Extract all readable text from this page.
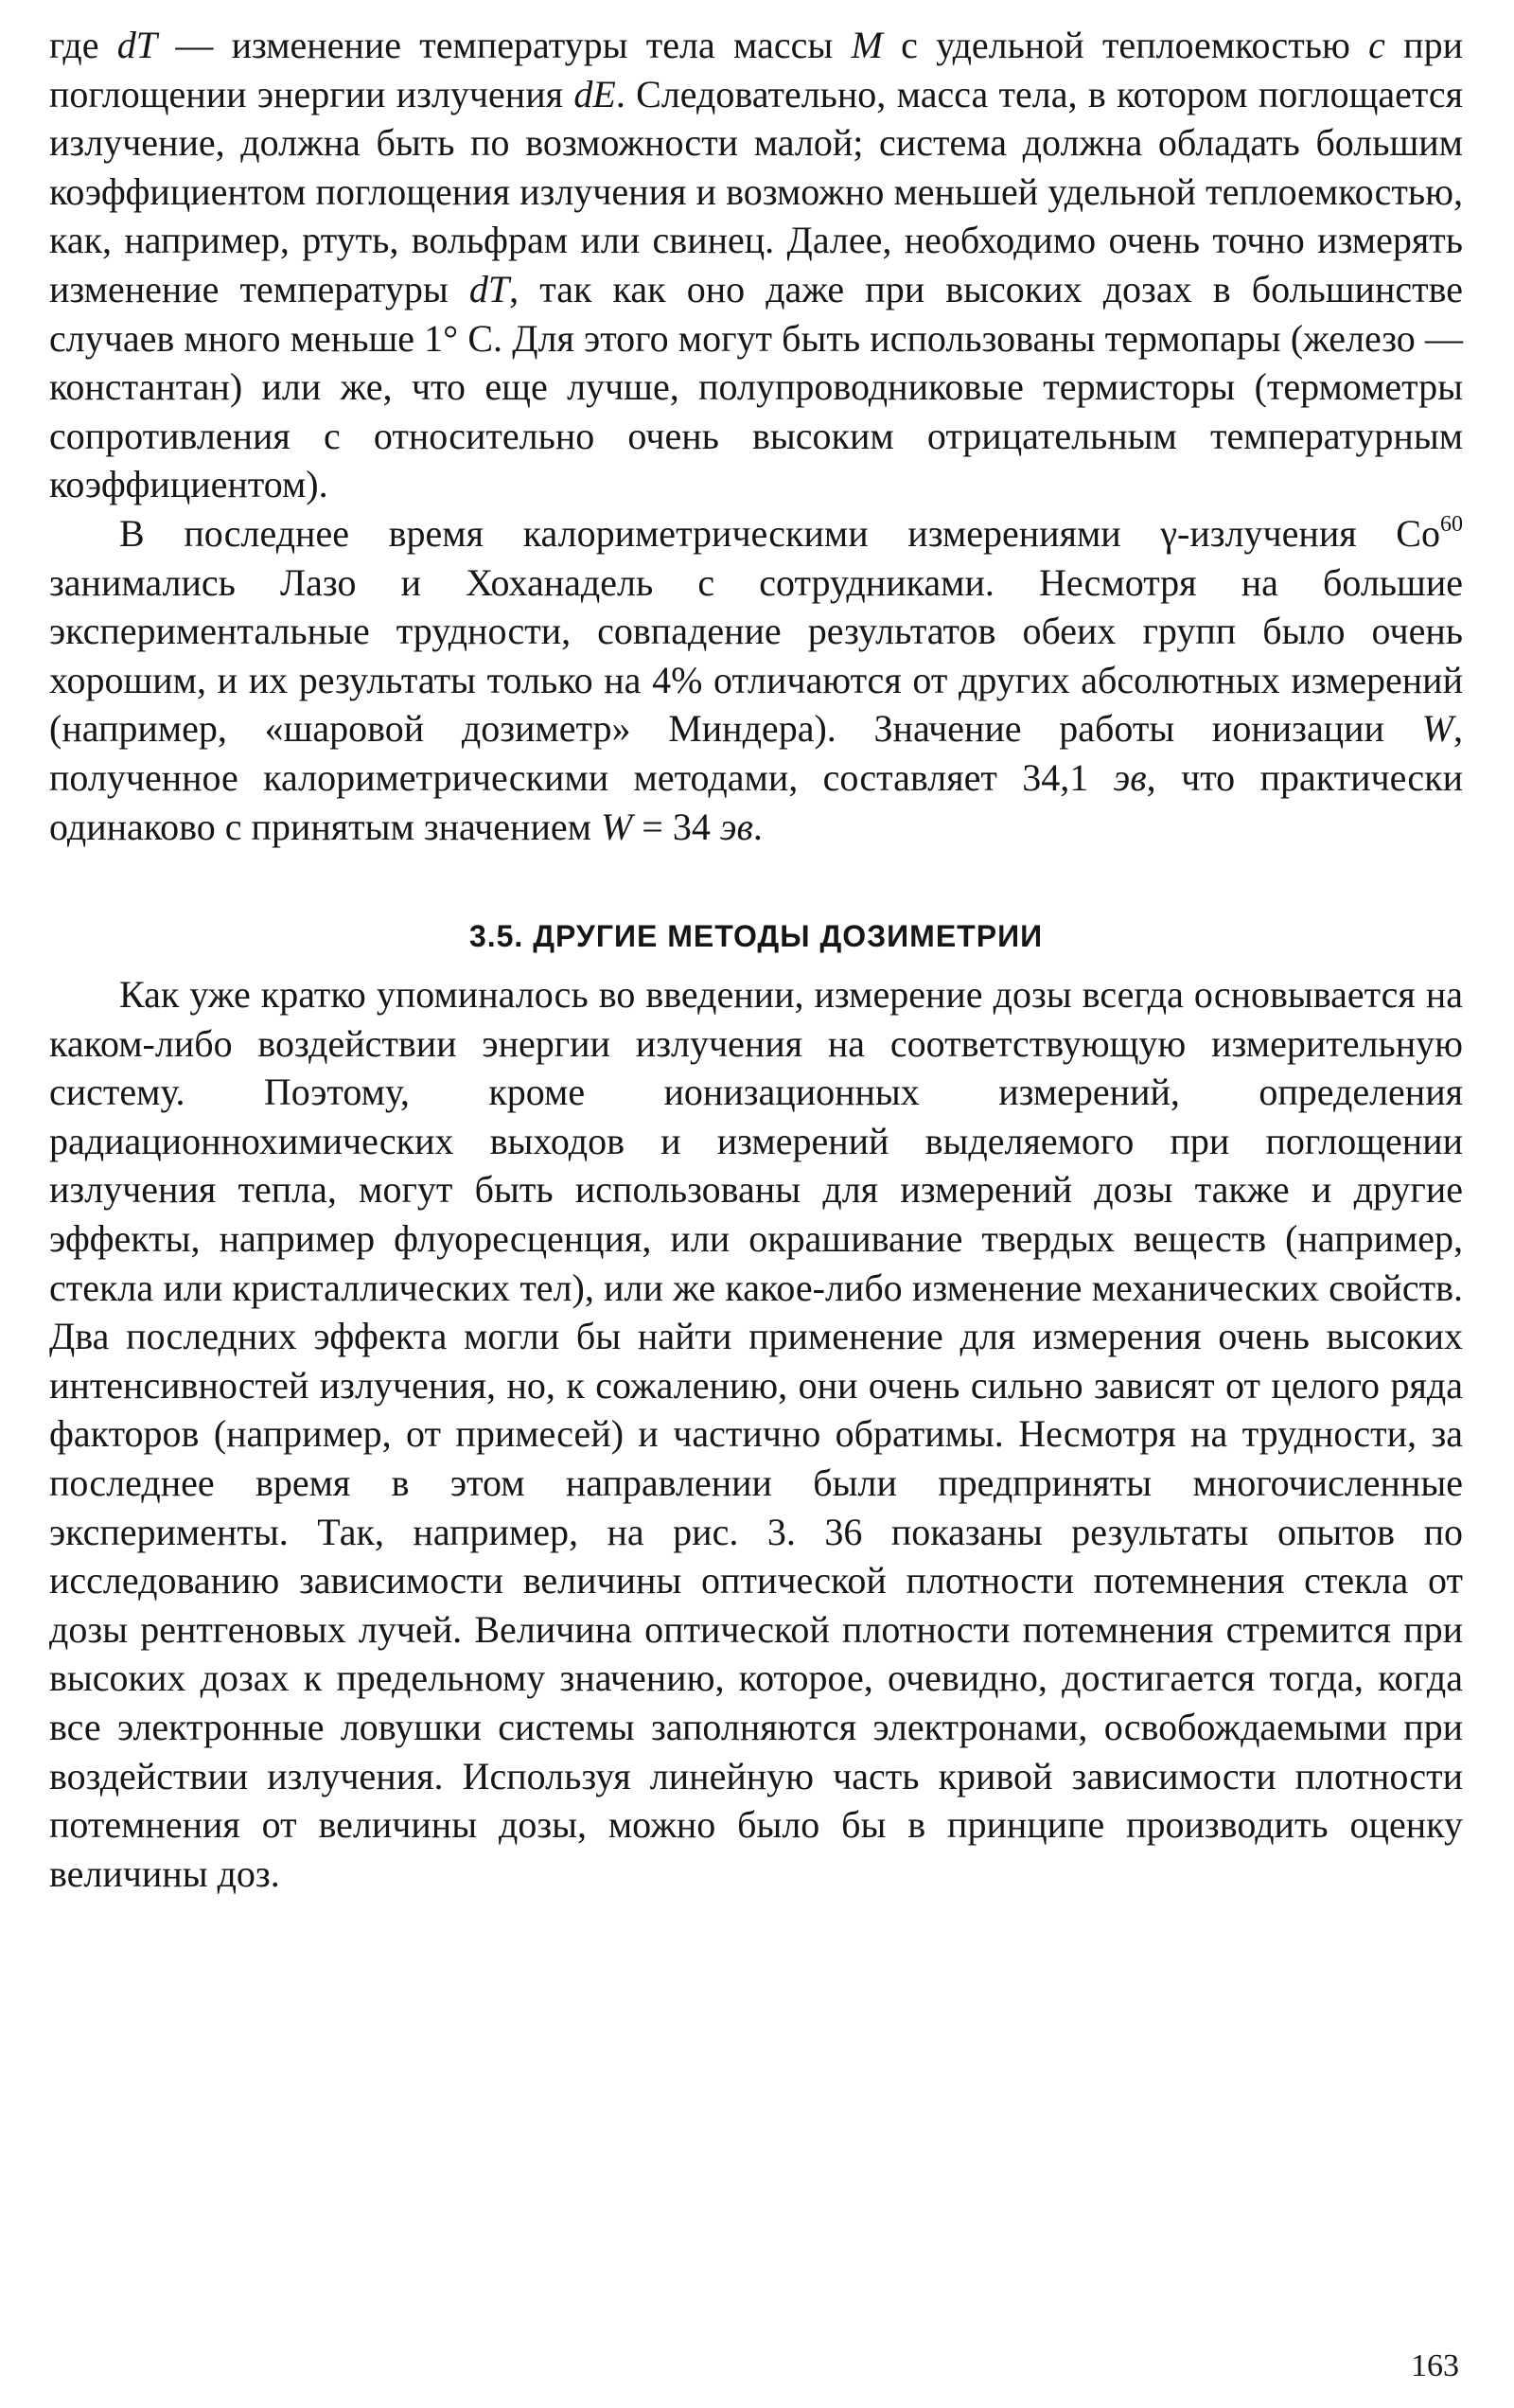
где dT — изменение температуры тела массы M с удельной теплоемкостью c при поглощении энергии излучения dE. Следовательно, масса тела, в котором поглощается излучение, должна быть по возможности малой; система должна обладать большим коэффициентом поглощения излучения и возможно меньшей удельной теплоемкостью, как, например, ртуть, вольфрам или свинец. Далее, необходимо очень точно измерять изменение температуры dT, так как оно даже при высоких дозах в большинстве случаев много меньше 1° С. Для этого могут быть использованы термопары (железо — константан) или же, что еще лучше, полупроводниковые термисторы (термометры сопротивления с относительно очень высоким отрицательным температурным коэффициентом).

В последнее время калориметрическими измерениями γ-излучения Co$^{60}$ занимались Лазо и Хоханадель с сотрудниками. Несмотря на большие экспериментальные трудности, совпадение результатов обеих групп было очень хорошим, и их результаты только на 4% отличаются от других абсолютных измерений (например, «шаровой дозиметр» Миндера). Значение работы ионизации W, полученное калориметрическими методами, составляет 34,1 эв, что практически одинаково с принятым значением W = 34 эв.

3.5. ДРУГИЕ МЕТОДЫ ДОЗИМЕТРИИ

Как уже кратко упоминалось во введении, измерение дозы всегда основывается на каком-либо воздействии энергии излучения на соответствующую измерительную систему. Поэтому, кроме ионизационных измерений, определения радиационнохимических выходов и измерений выделяемого при поглощении излучения тепла, могут быть использованы для измерений дозы также и другие эффекты, например флуоресценция, или окрашивание твердых веществ (например, стекла или кристаллических тел), или же какое-либо изменение механических свойств. Два последних эффекта могли бы найти применение для измерения очень высоких интенсивностей излучения, но, к сожалению, они очень сильно зависят от целого ряда факторов (например, от примесей) и частично обратимы. Несмотря на трудности, за последнее время в этом направлении были предприняты многочисленные эксперименты. Так, например, на рис. 3. 36 показаны результаты опытов по исследованию зависимости величины оптической плотности потемнения стекла от дозы рентгеновых лучей. Величина оптической плотности потемнения стремится при высоких дозах к предельному значению, которое, очевидно, достигается тогда, когда все электронные ловушки системы заполняются электронами, освобождаемыми при воздействии излучения. Используя линейную часть кривой зависимости плотности потемнения от величины дозы, можно было бы в принципе производить оценку величины доз.

163
